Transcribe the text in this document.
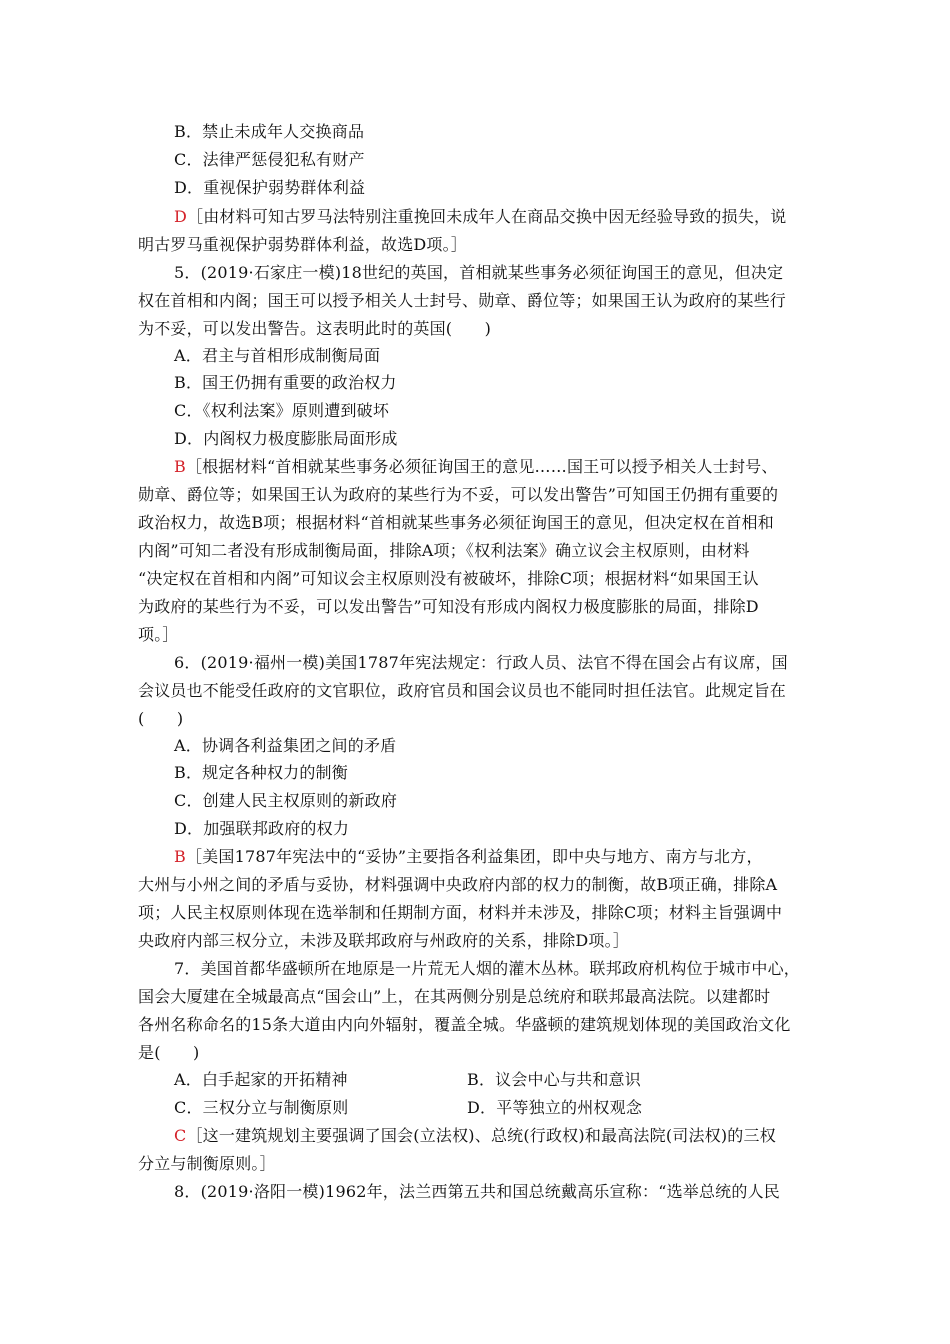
B．禁止未成年人交换商品
C．法律严惩侵犯私有财产
D．重视保护弱势群体利益
D［由材料可知古罗马法特别注重挽回未成年人在商品交换中因无经验导致的损失，说
明古罗马重视保护弱势群体利益，故选D项。］
5．(2019·石家庄一模)18世纪的英国，首相就某些事务必须征询国王的意见，但决定
权在首相和内阁；国王可以授予相关人士封号、勋章、爵位等；如果国王认为政府的某些行
为不妥，可以发出警告。这表明此时的英国(　　)
A．君主与首相形成制衡局面
B．国王仍拥有重要的政治权力
C．《权利法案》原则遭到破坏
D．内阁权力极度膨胀局面形成
B［根据材料“首相就某些事务必须征询国王的意见……国王可以授予相关人士封号、
勋章、爵位等；如果国王认为政府的某些行为不妥，可以发出警告”可知国王仍拥有重要的
政治权力，故选B项；根据材料“首相就某些事务必须征询国王的意见，但决定权在首相和
内阁”可知二者没有形成制衡局面，排除A项；《权利法案》确立议会主权原则，由材料
“决定权在首相和内阁”可知议会主权原则没有被破坏，排除C项；根据材料“如果国王认
为政府的某些行为不妥，可以发出警告”可知没有形成内阁权力极度膨胀的局面，排除D
项。］
6．(2019·福州一模)美国1787年宪法规定：行政人员、法官不得在国会占有议席，国
会议员也不能受任政府的文官职位，政府官员和国会议员也不能同时担任法官。此规定旨在
(　　)
A．协调各利益集团之间的矛盾
B．规定各种权力的制衡
C．创建人民主权原则的新政府
D．加强联邦政府的权力
B［美国1787年宪法中的“妥协”主要指各利益集团，即中央与地方、南方与北方，
大州与小州之间的矛盾与妥协，材料强调中央政府内部的权力的制衡，故B项正确，排除A
项；人民主权原则体现在选举制和任期制方面，材料并未涉及，排除C项；材料主旨强调中
央政府内部三权分立，未涉及联邦政府与州政府的关系，排除D项。］
7．美国首都华盛顿所在地原是一片荒无人烟的灌木丛林。联邦政府机构位于城市中心，
国会大厦建在全城最高点“国会山”上，在其两侧分别是总统府和联邦最高法院。以建都时
各州名称命名的15条大道由内向外辐射，覆盖全城。华盛顿的建筑规划体现的美国政治文化
是(　　)
A．白手起家的开拓精神	B．议会中心与共和意识
C．三权分立与制衡原则	D．平等独立的州权观念
C［这一建筑规划主要强调了国会(立法权)、总统(行政权)和最高法院(司法权)的三权
分立与制衡原则。］
8．(2019·洛阳一模)1962年，法兰西第五共和国总统戴高乐宣称：“选举总统的人民
